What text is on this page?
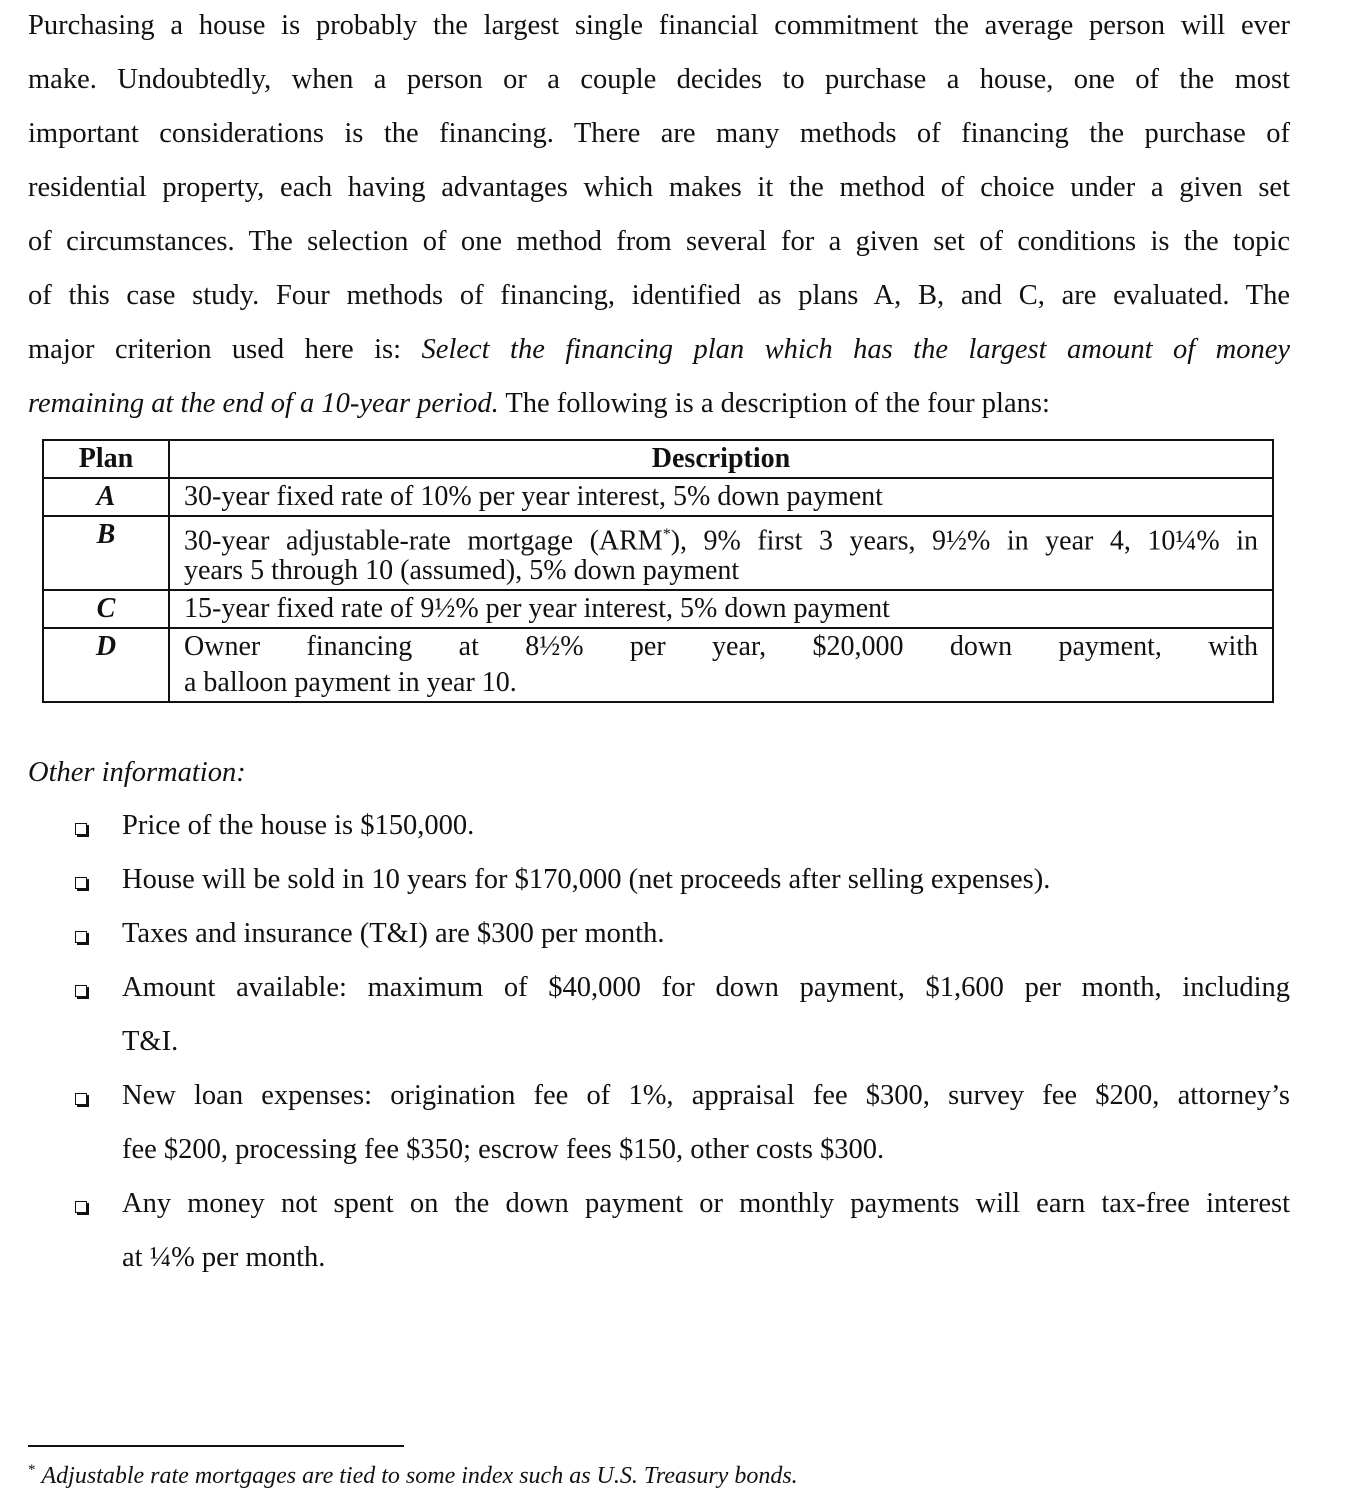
Purchasing a house is probably the largest single financial commitment the average person will ever
make. Undoubtedly, when a person or a couple decides to purchase a house, one of the most
important considerations is the financing. There are many methods of financing the purchase of
residential property, each having advantages which makes it the method of choice under a given set
of circumstances. The selection of one method from several for a given set of conditions is the topic
of this case study. Four methods of financing, identified as plans A, B, and C, are evaluated. The
major criterion used here is: Select the financing plan which has the largest amount of money
remaining at the end of a 10-year period. The following is a description of the four plans:
Plan	Description
A	30-year fixed rate of 10% per year interest, 5% down payment

B	30-year adjustable-rate mortgage (ARM*), 9% first 3 years, 9½% in year 4, 10¼% in
years 5 through 10 (assumed), 5% down payment

C	15-year fixed rate of 9½% per year interest, 5% down payment

D	Owner financing at 8½% per year, $20,000 down payment, with
a balloon payment in year 10.
Other information:
Price of the house is $150,000.
House will be sold in 10 years for $170,000 (net proceeds after selling expenses).
Taxes and insurance (T&I) are $300 per month.
Amount available: maximum of $40,000 for down payment, $1,600 per month, including
T&I.
New loan expenses: origination fee of 1%, appraisal fee $300, survey fee $200, attorney’s
fee $200, processing fee $350; escrow fees $150, other costs $300.
Any money not spent on the down payment or monthly payments will earn tax-free interest
at ¼% per month.
* Adjustable rate mortgages are tied to some index such as U.S. Treasury bonds.
